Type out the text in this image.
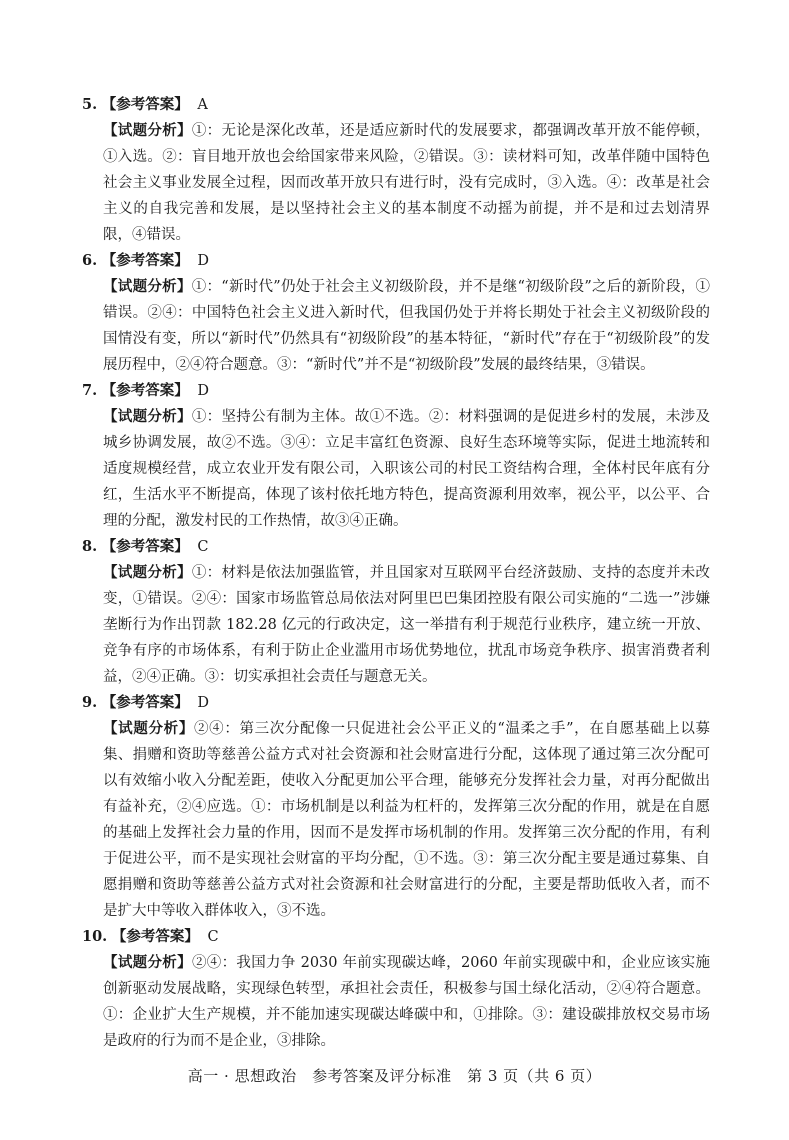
5. 【参考答案】 A
【试题分析】①：无论是深化改革，还是适应新时代的发展要求，都强调改革开放不能停顿，①入选。②：盲目地开放也会给国家带来风险，②错误。③：读材料可知，改革伴随中国特色社会主义事业发展全过程，因而改革开放只有进行时，没有完成时，③入选。④：改革是社会主义的自我完善和发展，是以坚持社会主义的基本制度不动摇为前提，并不是和过去划清界限，④错误。
6. 【参考答案】 D
【试题分析】①：“新时代”仍处于社会主义初级阶段，并不是继“初级阶段”之后的新阶段，①错误。②④：中国特色社会主义进入新时代，但我国仍处于并将长期处于社会主义初级阶段的国情没有变，所以“新时代”仍然具有“初级阶段”的基本特征，“新时代”存在于“初级阶段”的发展历程中，②④符合题意。③：“新时代”并不是“初级阶段”发展的最终结果，③错误。
7. 【参考答案】 D
【试题分析】①：坚持公有制为主体。故①不选。②：材料强调的是促进乡村的发展，未涉及城乡协调发展，故②不选。③④：立足丰富红色资源、良好生态环境等实际，促进土地流转和适度规模经营，成立农业开发有限公司，入职该公司的村民工资结构合理，全体村民年底有分红，生活水平不断提高，体现了该村依托地方特色，提高资源利用效率，视公平，以公平、合理的分配，激发村民的工作热情，故③④正确。
8. 【参考答案】 C
【试题分析】①：材料是依法加强监管，并且国家对互联网平台经济鼓励、支持的态度并未改变，①错误。②④：国家市场监管总局依法对阿里巴巴集团控股有限公司实施的“二选一”涉嫌垄断行为作出罚款 182.28 亿元的行政决定，这一举措有利于规范行业秩序，建立统一开放、竞争有序的市场体系，有利于防止企业滥用市场优势地位，扰乱市场竞争秩序、损害消费者利益，②④正确。③：切实承担社会责任与题意无关。
9. 【参考答案】 D
【试题分析】②④：第三次分配像一只促进社会公平正义的“温柔之手”，在自愿基础上以募集、捐赠和资助等慈善公益方式对社会资源和社会财富进行分配，这体现了通过第三次分配可以有效缩小收入分配差距，使收入分配更加公平合理，能够充分发挥社会力量，对再分配做出有益补充，②④应选。①：市场机制是以利益为杠杆的，发挥第三次分配的作用，就是在自愿的基础上发挥社会力量的作用，因而不是发挥市场机制的作用。发挥第三次分配的作用，有利于促进公平，而不是实现社会财富的平均分配，①不选。③：第三次分配主要是通过募集、自愿捐赠和资助等慈善公益方式对社会资源和社会财富进行的分配，主要是帮助低收入者，而不是扩大中等收入群体收入，③不选。
10. 【参考答案】 C
【试题分析】②④：我国力争 2030 年前实现碳达峰，2060 年前实现碳中和，企业应该实施创新驱动发展战略，实现绿色转型，承担社会责任，积极参与国土绿化活动，②④符合题意。①：企业扩大生产规模，并不能加速实现碳达峰碳中和，①排除。③：建设碳排放权交易市场是政府的行为而不是企业，③排除。
高一 · 思想政治　参考答案及评分标准　第 3 页（共 6 页）
